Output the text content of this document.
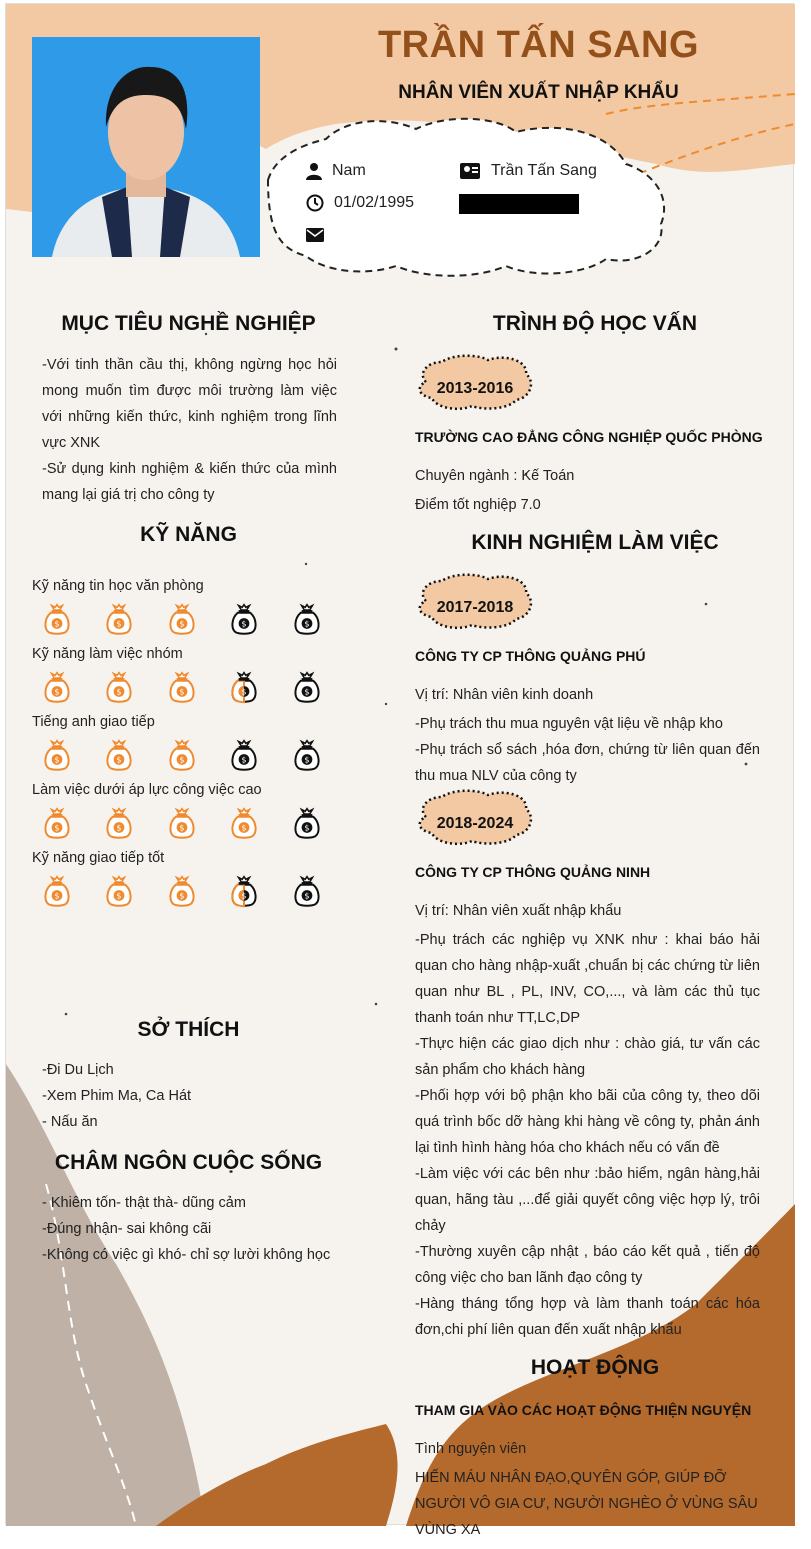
TRẦN TẤN SANG
NHÂN VIÊN XUẤT NHẬP KHẨU
Nam	Trần Tấn Sang
01/02/1995
MỤC TIÊU NGHỀ NGHIỆP
-Với tinh thần cầu thị, không ngừng học hỏi mong muốn tìm được môi trường làm việc với những kiến thức, kinh nghiệm trong lĩnh vực XNK
-Sử dụng kinh nghiệm & kiến thức của mình mang lại giá trị cho công ty
KỸ NĂNG
Kỹ năng tin học văn phòng
$	$	$	$	$
Kỹ năng làm việc nhóm
$	$	$	$	$
Tiếng anh giao tiếp
$	$	$	$	$
Làm việc dưới áp lực công việc cao
$	$	$	$	$
Kỹ năng giao tiếp tốt
$	$	$	$	$
SỞ THÍCH
-Đi Du Lịch
-Xem Phim Ma, Ca Hát
- Nấu ăn
CHÂM NGÔN CUỘC SỐNG
- Khiêm tốn- thật thà- dũng cảm
-Đúng nhận- sai không cãi
-Không có việc gì khó- chỉ sợ lười không học
TRÌNH ĐỘ HỌC VẤN
2013-2016
TRƯỜNG CAO ĐẲNG CÔNG NGHIỆP QUỐC PHÒNG
Chuyên ngành : Kế Toán
Điểm tốt nghiệp 7.0
KINH NGHIỆM LÀM VIỆC
2017-2018
CÔNG TY CP THÔNG QUẢNG PHÚ
Vị trí: Nhân viên kinh doanh
-Phụ trách thu mua nguyên vật liệu về nhập kho
-Phụ trách sổ sách ,hóa đơn, chứng từ liên quan đến thu mua NLV của công ty
2018-2024
CÔNG TY CP THÔNG QUẢNG NINH
Vị trí: Nhân viên xuất nhập khẩu
-Phụ trách các nghiệp vụ XNK như : khai báo hải quan cho hàng nhập-xuất ,chuẩn bị các chứng từ liên quan như BL , PL, INV, CO,..., và làm các thủ tục thanh toán như TT,LC,DP
-Thực hiện các giao dịch như : chào giá, tư vấn các sản phẩm cho khách hàng
-Phối hợp với bộ phận kho bãi của công ty, theo dõi quá trình bốc dỡ hàng khi hàng về công ty, phản ánh lại tình hình hàng hóa cho khách nếu có vấn đề
-Làm việc với các bên như :bảo hiểm, ngân hàng,hải quan, hãng tàu ,...để giải quyết công việc hợp lý, trôi chảy
-Thường xuyên cập nhật , báo cáo kết quả , tiến độ công việc cho ban lãnh đạo công ty
-Hàng tháng tổng hợp và làm thanh toán các hóa đơn,chi phí liên quan đến xuất nhập khẩu
HOẠT ĐỘNG
THAM GIA VÀO CÁC HOẠT ĐỘNG THIỆN NGUYỆN
Tình nguyện viên
HIẾN MÁU NHÂN ĐẠO,QUYÊN GÓP, GIÚP ĐỠ NGƯỜI VÔ GIA CƯ, NGƯỜI NGHÈO Ở VÙNG SÂU VÙNG XA
